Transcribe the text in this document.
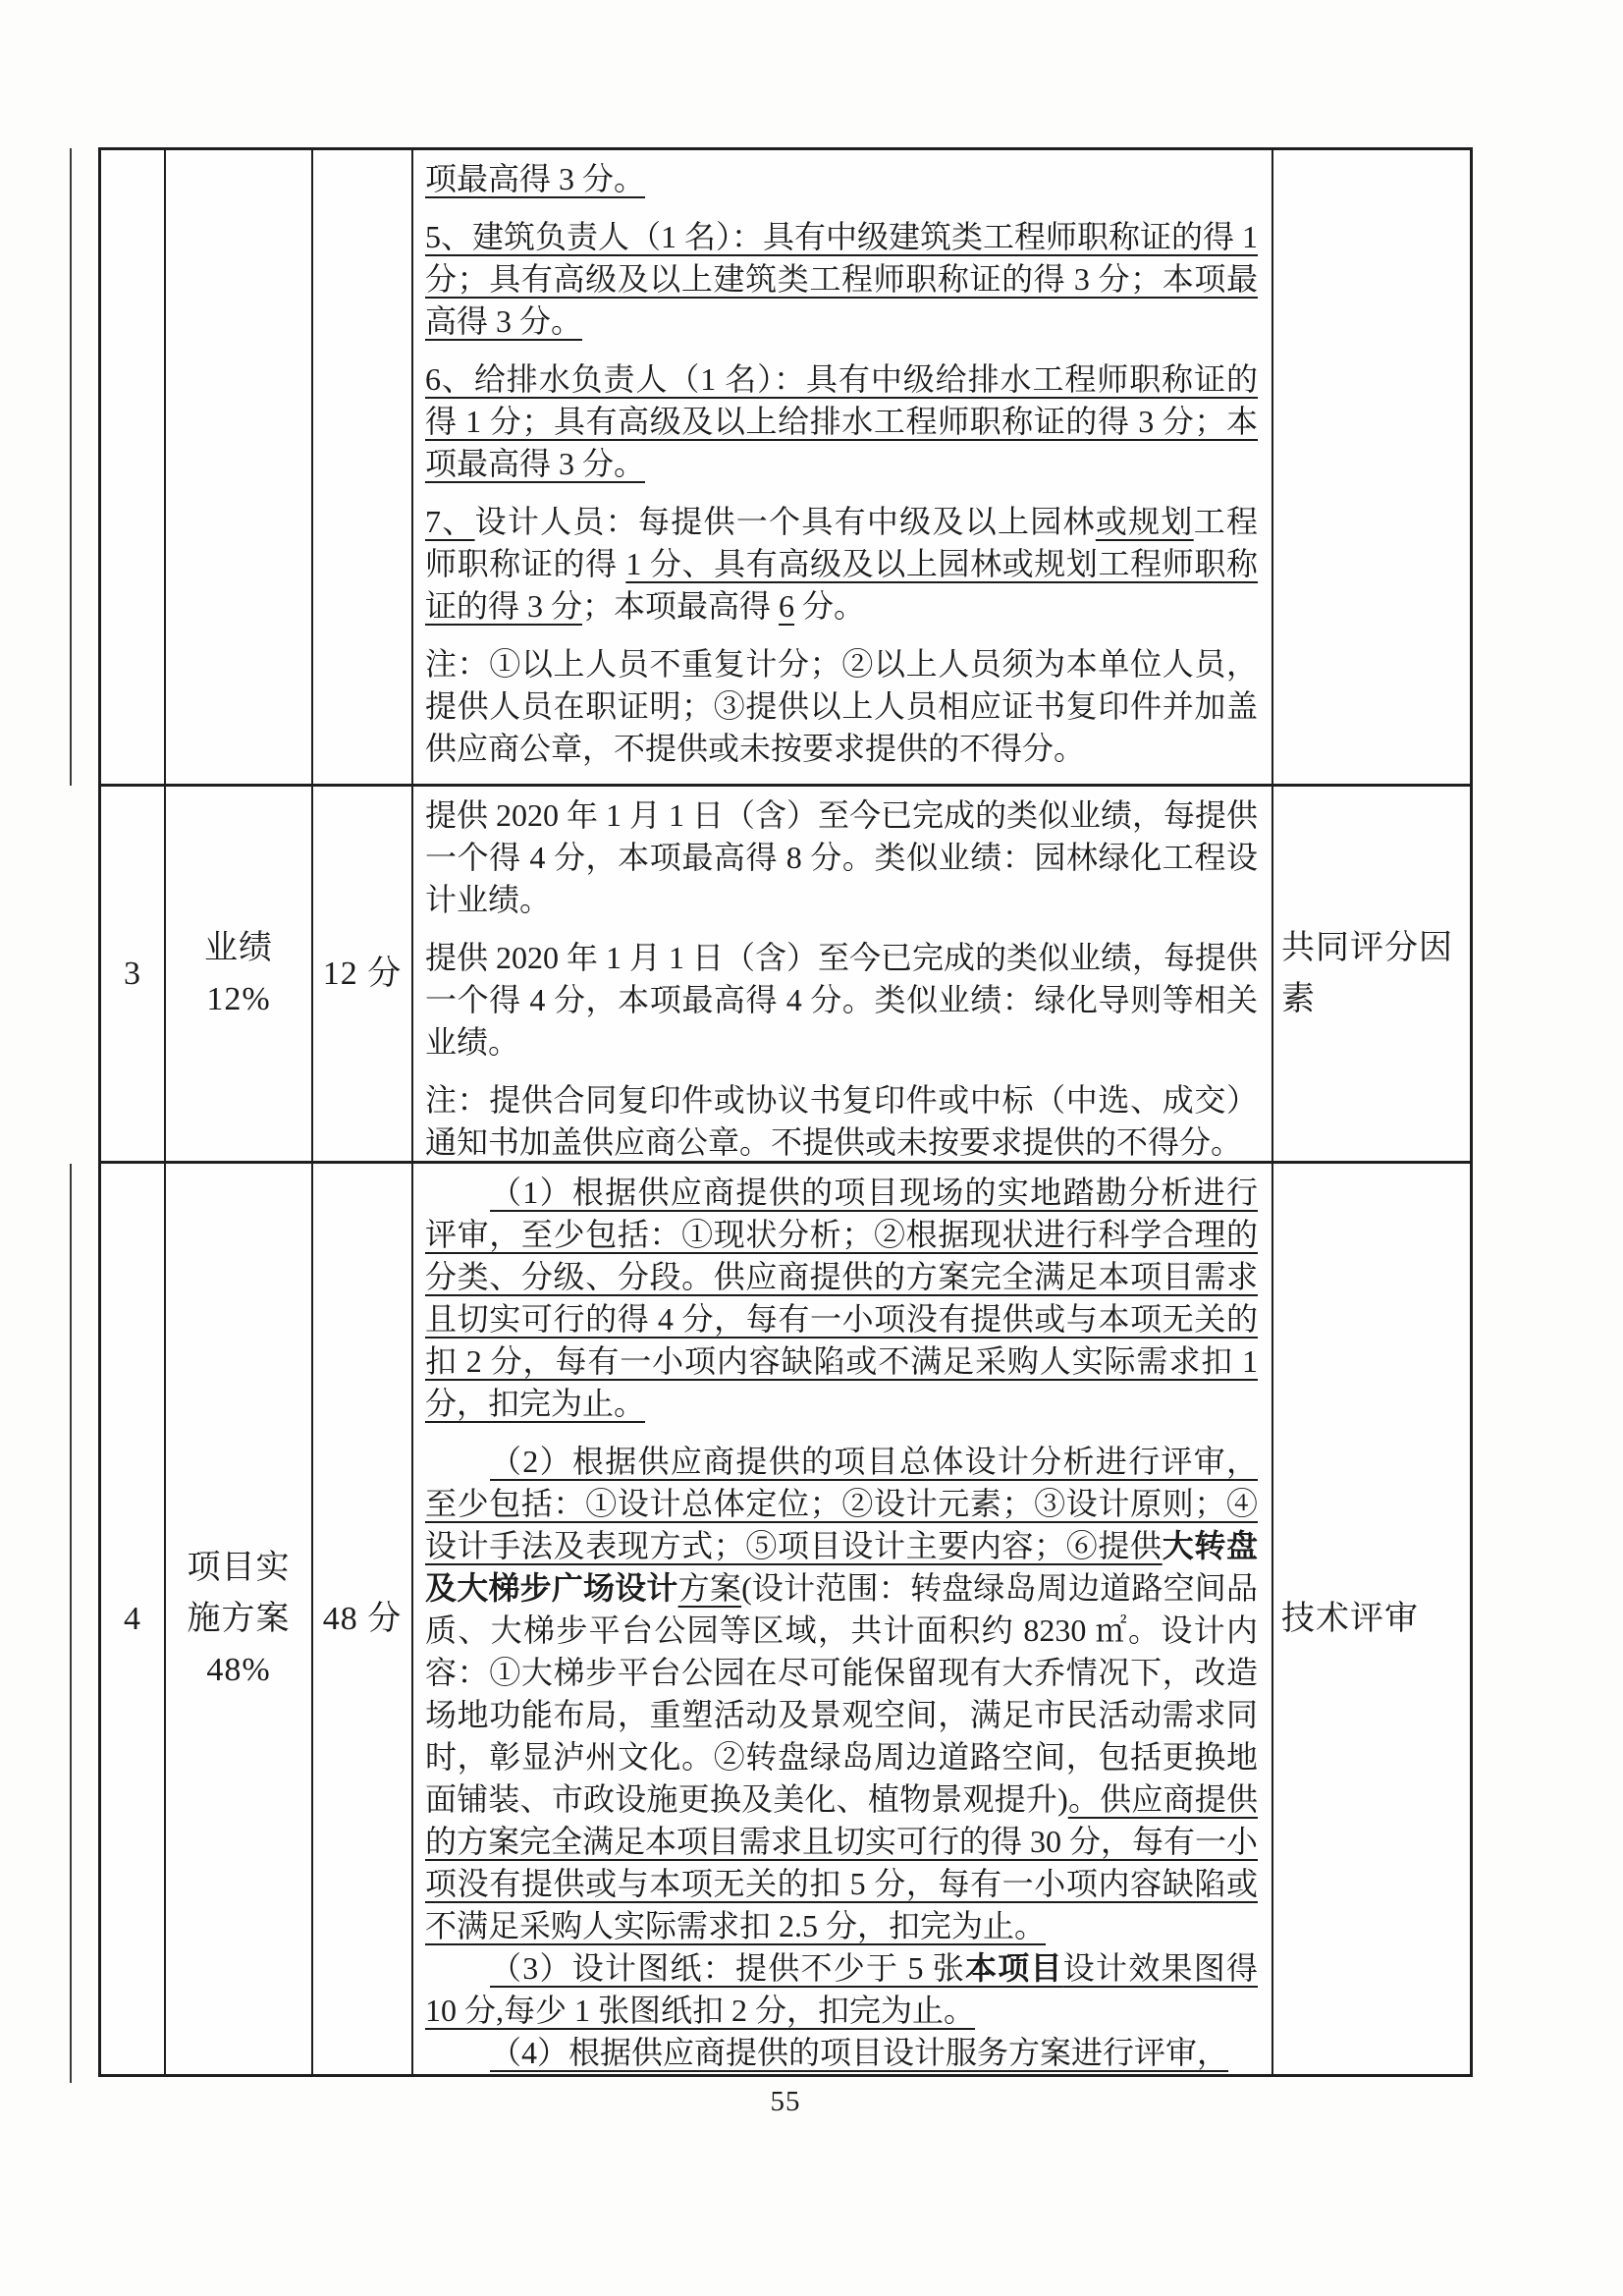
项最高得 3 分。

5、建筑负责人（1 名）：具有中级建筑类工程师职称证的得 1 分；具有高级及以上建筑类工程师职称证的得 3 分；本项最高得 3 分。

6、给排水负责人（1 名）：具有中级给排水工程师职称证的得 1 分；具有高级及以上给排水工程师职称证的得 3 分；本项最高得 3 分。

7、设计人员：每提供一个具有中级及以上园林或规划工程师职称证的得 1 分、具有高级及以上园林或规划工程师职称证的得 3 分；本项最高得 6 分。

注：①以上人员不重复计分；②以上人员须为本单位人员，提供人员在职证明；③提供以上人员相应证书复印件并加盖供应商公章，不提供或未按要求提供的不得分。

3
业绩
12%
12 分

提供 2020 年 1 月 1 日（含）至今已完成的类似业绩，每提供一个得 4 分，本项最高得 8 分。类似业绩：园林绿化工程设计业绩。

提供 2020 年 1 月 1 日（含）至今已完成的类似业绩，每提供一个得 4 分，本项最高得 4 分。类似业绩：绿化导则等相关业绩。

注：提供合同复印件或协议书复印件或中标（中选、成交）通知书加盖供应商公章。不提供或未按要求提供的不得分。

共同评分因素
4
项目实
施方案
48%
48 分

（1）根据供应商提供的项目现场的实地踏勘分析进行评审，至少包括：①现状分析；②根据现状进行科学合理的分类、分级、分段。供应商提供的方案完全满足本项目需求且切实可行的得 4 分，每有一小项没有提供或与本项无关的扣 2 分，每有一小项内容缺陷或不满足采购人实际需求扣 1 分，扣完为止。

（2）根据供应商提供的项目总体设计分析进行评审，至少包括：①设计总体定位；②设计元素；③设计原则；④设计手法及表现方式；⑤项目设计主要内容；⑥提供大转盘及大梯步广场设计方案(设计范围：转盘绿岛周边道路空间品质、大梯步平台公园等区域，共计面积约 8230 ㎡。设计内容：①大梯步平台公园在尽可能保留现有大乔情况下，改造场地功能布局，重塑活动及景观空间，满足市民活动需求同时，彰显泸州文化。②转盘绿岛周边道路空间，包括更换地面铺装、市政设施更换及美化、植物景观提升)。供应商提供的方案完全满足本项目需求且切实可行的得 30 分，每有一小项没有提供或与本项无关的扣 5 分，每有一小项内容缺陷或不满足采购人实际需求扣 2.5 分，扣完为止。

（3）设计图纸：提供不少于 5 张本项目设计效果图得 10 分,每少 1 张图纸扣 2 分，扣完为止。

（4）根据供应商提供的项目设计服务方案进行评审，

技术评审
55
